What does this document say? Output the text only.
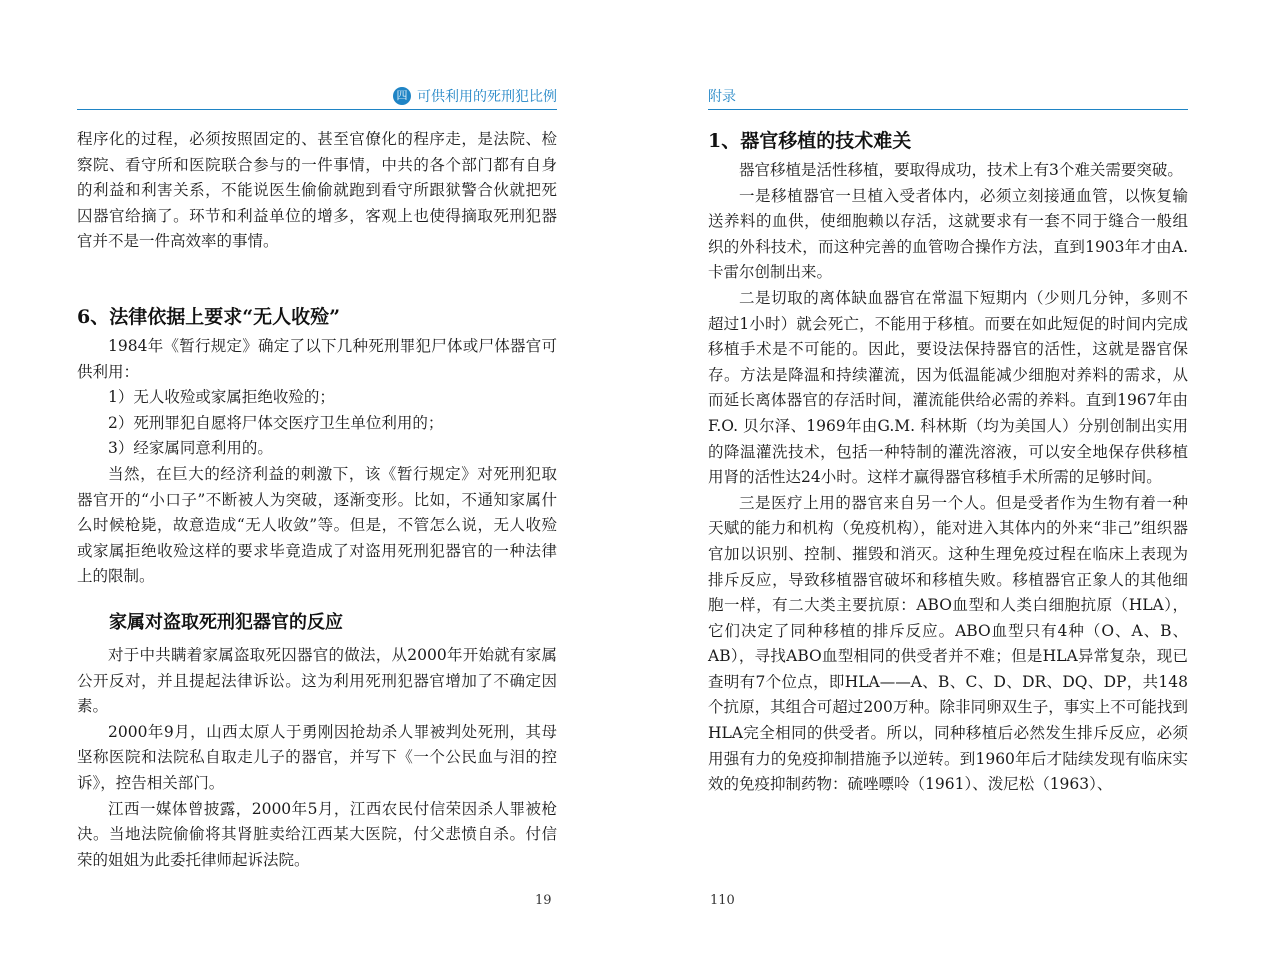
四 可供利用的死刑犯比例

程序化的过程，必须按照固定的、甚至官僚化的程序走，是法院、检察院、看守所和医院联合参与的一件事情，中共的各个部门都有自身的利益和利害关系，不能说医生偷偷就跑到看守所跟狱警合伙就把死囚器官给摘了。环节和利益单位的增多，客观上也使得摘取死刑犯器官并不是一件高效率的事情。

6、法律依据上要求“无人收殓”

1984年《暂行规定》确定了以下几种死刑罪犯尸体或尸体器官可供利用：

1）无人收殓或家属拒绝收殓的；

2）死刑罪犯自愿将尸体交医疗卫生单位利用的；

3）经家属同意利用的。

当然，在巨大的经济利益的刺激下，该《暂行规定》对死刑犯取器官开的“小口子”不断被人为突破，逐渐变形。比如，不通知家属什么时候枪毙，故意造成“无人收敛”等。但是，不管怎么说，无人收殓或家属拒绝收殓这样的要求毕竟造成了对盗用死刑犯器官的一种法律上的限制。

家属对盗取死刑犯器官的反应

对于中共瞒着家属盗取死囚器官的做法，从2000年开始就有家属公开反对，并且提起法律诉讼。这为利用死刑犯器官增加了不确定因素。

2000年9月，山西太原人于勇刚因抢劫杀人罪被判处死刑，其母坚称医院和法院私自取走儿子的器官，并写下《一个公民血与泪的控诉》，控告相关部门。

江西一媒体曾披露，2000年5月，江西农民付信荣因杀人罪被枪决。当地法院偷偷将其肾脏卖给江西某大医院，付父悲愤自杀。付信荣的姐姐为此委托律师起诉法院。

19
附录
1、器官移植的技术难关

器官移植是活性移植，要取得成功，技术上有3个难关需要突破。

一是移植器官一旦植入受者体内，必须立刻接通血管，以恢复输送养料的血供，使细胞赖以存活，这就要求有一套不同于缝合一般组织的外科技术，而这种完善的血管吻合操作方法，直到1903年才由A.卡雷尔创制出来。

二是切取的离体缺血器官在常温下短期内（少则几分钟，多则不超过1小时）就会死亡，不能用于移植。而要在如此短促的时间内完成移植手术是不可能的。因此，要设法保持器官的活性，这就是器官保存。方法是降温和持续灌流，因为低温能减少细胞对养料的需求，从而延长离体器官的存活时间，灌流能供给必需的养料。直到1967年由F.O. 贝尔泽、1969年由G.M. 科林斯（均为美国人）分别创制出实用的降温灌洗技术，包括一种特制的灌洗溶液，可以安全地保存供移植用肾的活性达24小时。这样才赢得器官移植手术所需的足够时间。

三是医疗上用的器官来自另一个人。但是受者作为生物有着一种天赋的能力和机构（免疫机构），能对进入其体内的外来“非己”组织器官加以识别、控制、摧毁和消灭。这种生理免疫过程在临床上表现为排斥反应，导致移植器官破坏和移植失败。移植器官正象人的其他细胞一样，有二大类主要抗原：ABO血型和人类白细胞抗原（HLA），它们决定了同种移植的排斥反应。ABO血型只有4种（O、A、B、AB），寻找ABO血型相同的供受者并不难；但是HLA异常复杂，现已查明有7个位点，即HLA——A、B、C、D、DR、DQ、DP，共148个抗原，其组合可超过200万种。除非同卵双生子，事实上不可能找到HLA完全相同的供受者。所以，同种移植后必然发生排斥反应，必须用强有力的免疫抑制措施予以逆转。到1960年后才陆续发现有临床实效的免疫抑制药物：硫唑嘌呤（1961）、泼尼松（1963）、

110
